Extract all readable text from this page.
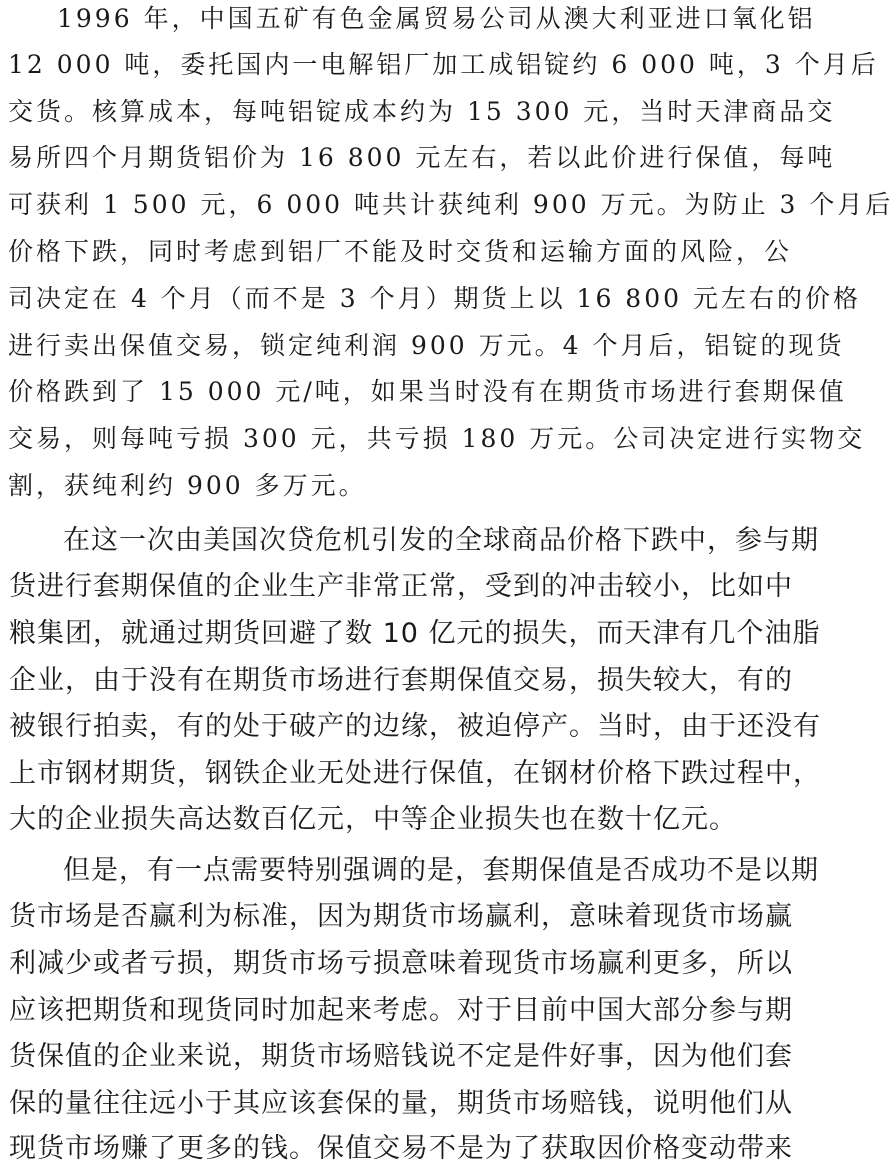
1996 年，中国五矿有色金属贸易公司从澳大利亚进口氧化铝
12 000 吨，委托国内一电解铝厂加工成铝锭约 6 000 吨，3 个月后
交货。核算成本，每吨铝锭成本约为 15 300 元，当时天津商品交
易所四个月期货铝价为 16 800 元左右，若以此价进行保值，每吨
可获利 1 500 元，6 000 吨共计获纯利 900 万元。为防止 3 个月后
价格下跌，同时考虑到铝厂不能及时交货和运输方面的风险，公
司决定在 4 个月（而不是 3 个月）期货上以 16 800 元左右的价格
进行卖出保值交易，锁定纯利润 900 万元。4 个月后，铝锭的现货
价格跌到了 15 000 元/吨，如果当时没有在期货市场进行套期保值
交易，则每吨亏损 300 元，共亏损 180 万元。公司决定进行实物交
割，获纯利约 900 多万元。
在这一次由美国次贷危机引发的全球商品价格下跌中，参与期
货进行套期保值的企业生产非常正常，受到的冲击较小，比如中
粮集团，就通过期货回避了数 10 亿元的损失，而天津有几个油脂
企业，由于没有在期货市场进行套期保值交易，损失较大，有的
被银行拍卖，有的处于破产的边缘，被迫停产。当时，由于还没有
上市钢材期货，钢铁企业无处进行保值，在钢材价格下跌过程中，
大的企业损失高达数百亿元，中等企业损失也在数十亿元。
但是，有一点需要特别强调的是，套期保值是否成功不是以期
货市场是否赢利为标准，因为期货市场赢利，意味着现货市场赢
利减少或者亏损，期货市场亏损意味着现货市场赢利更多，所以
应该把期货和现货同时加起来考虑。对于目前中国大部分参与期
货保值的企业来说，期货市场赔钱说不定是件好事，因为他们套
保的量往往远小于其应该套保的量，期货市场赔钱，说明他们从
现货市场赚了更多的钱。保值交易不是为了获取因价格变动带来
